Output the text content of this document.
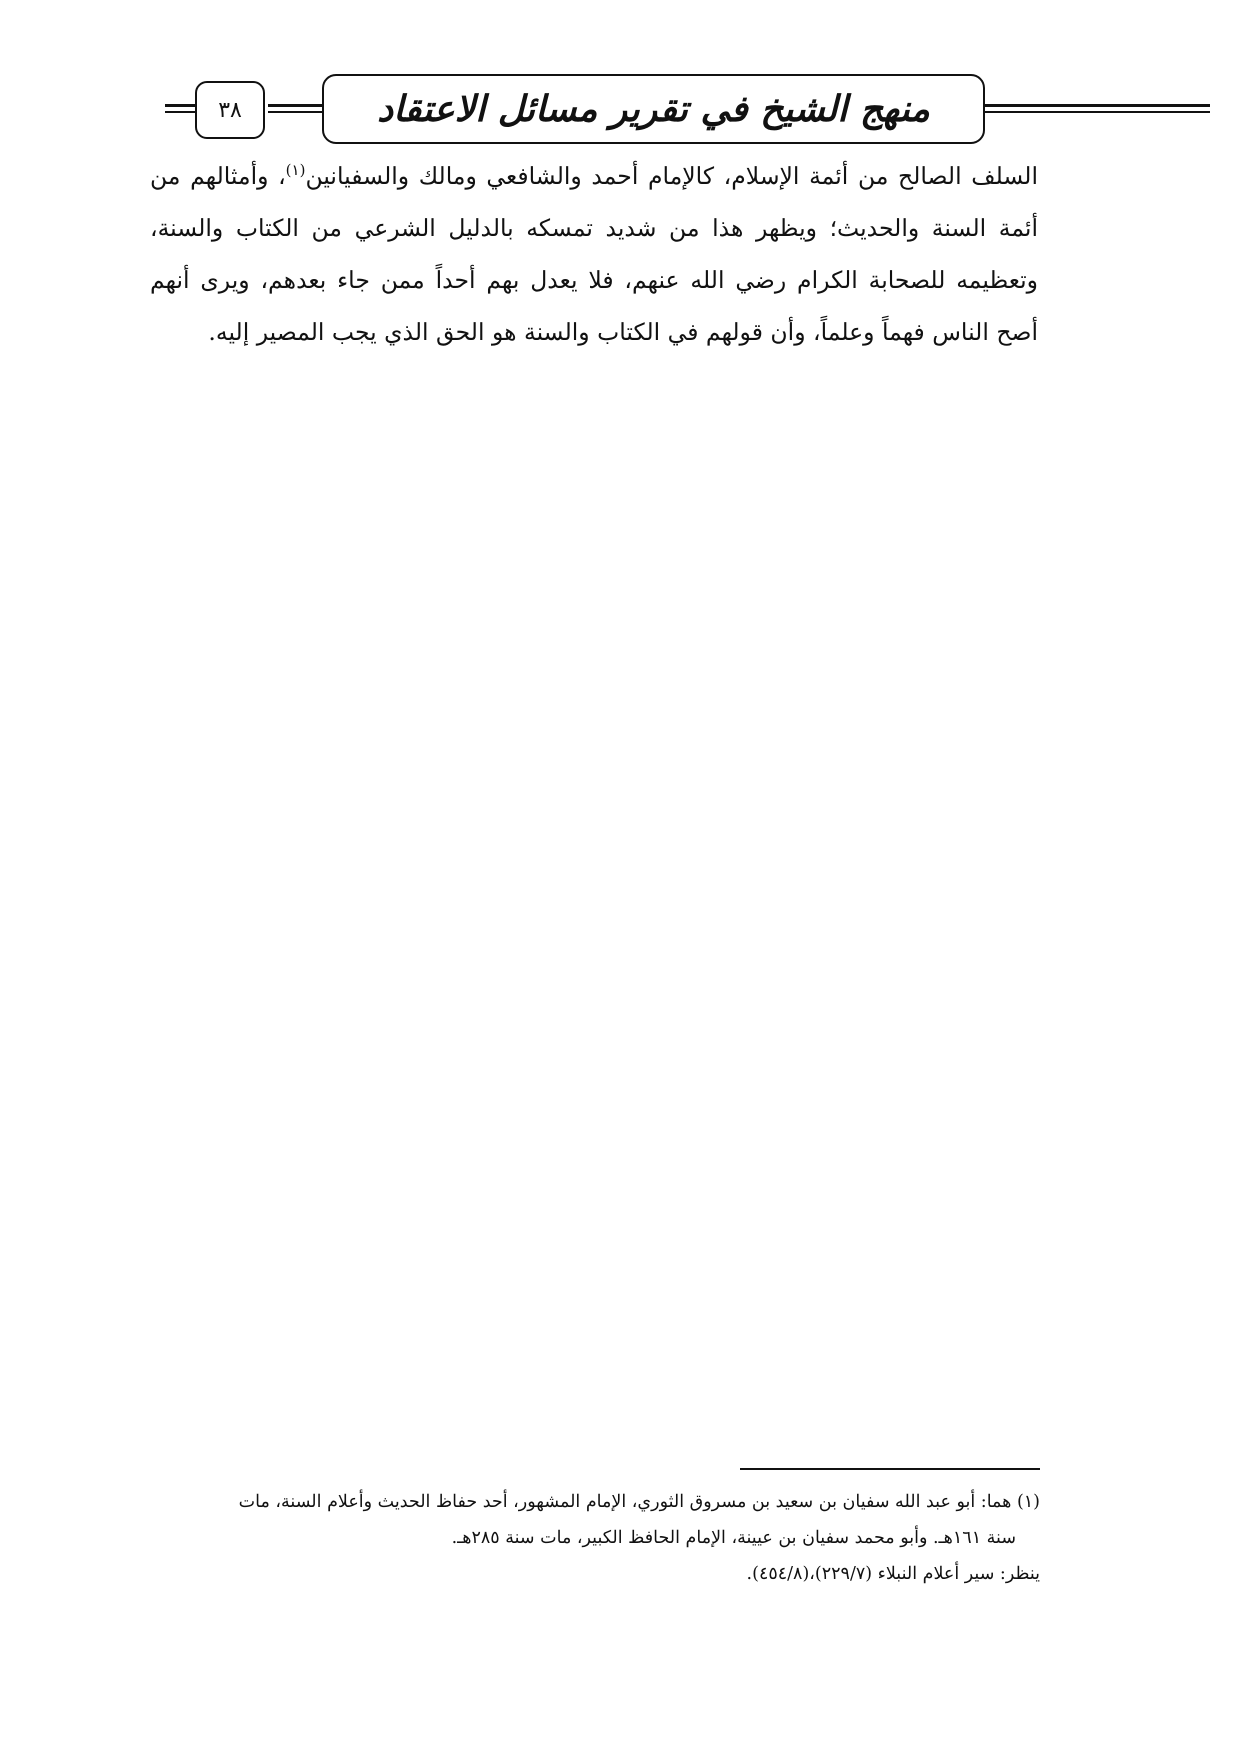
٣٨	منهج الشيخ في تقرير مسائل الاعتقاد

السلف الصالح من أئمة الإسلام، كالإمام أحمد والشافعي ومالك والسفيانين$^{(١)}$، وأمثالهم من أئمة السنة والحديث؛ ويظهر هذا من شديد تمسكه بالدليل الشرعي من الكتاب والسنة، وتعظيمه للصحابة الكرام رضي الله عنهم، فلا يعدل بهم أحداً ممن جاء بعدهم، ويرى أنهم أصح الناس فهماً وعلماً، وأن قولهم في الكتاب والسنة هو الحق الذي يجب المصير إليه.

(١) هما: أبو عبد الله سفيان بن سعيد بن مسروق الثوري، الإمام المشهور، أحد حفاظ الحديث وأعلام السنة، مات
سنة ١٦١هـ. وأبو محمد سفيان بن عيينة، الإمام الحافظ الكبير، مات سنة ٢٨٥هـ.
ينظر: سير أعلام النبلاء (٢٢٩/٧)،(٤٥٤/٨).
